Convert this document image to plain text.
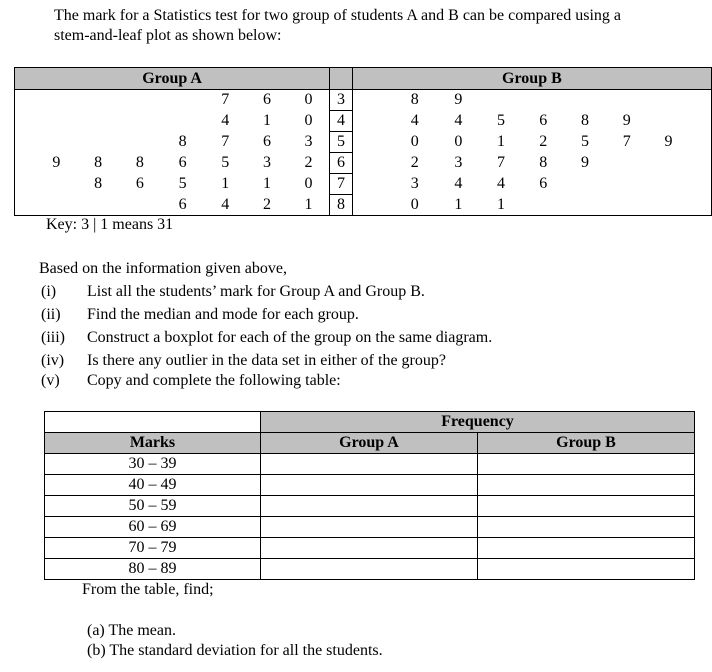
The mark for a Statistics test for two group of students A and B can be compared using a
stem-and-leaf plot as shown below:
Group A									Group B								
					7	6	0	3		8	9						
					4	1	0	4		4	4	5	6	8	9		
				8	7	6	3	5		0	0	1	2	5	7	9	
	9	8	8	6	5	3	2	6		2	3	7	8	9			
		8	6	5	1	1	0	7		3	4	4	6				
				6	4	2	1	8		0	1	1					
Key: 3 | 1 means 31
Based on the information given above,
(i) List all the students’ mark for Group A and Group B.
(ii) Find the median and mode for each group.
(iii) Construct a boxplot for each of the group on the same diagram.
(iv) Is there any outlier in the data set in either of the group?
(v) Copy and complete the following table:
	Frequency	
Marks	Group A	Group B
30 – 39		
40 – 49		
50 – 59		
60 – 69		
70 – 79		
80 – 89		
From the table, find;
(a) The mean.
(b) The standard deviation for all the students.
